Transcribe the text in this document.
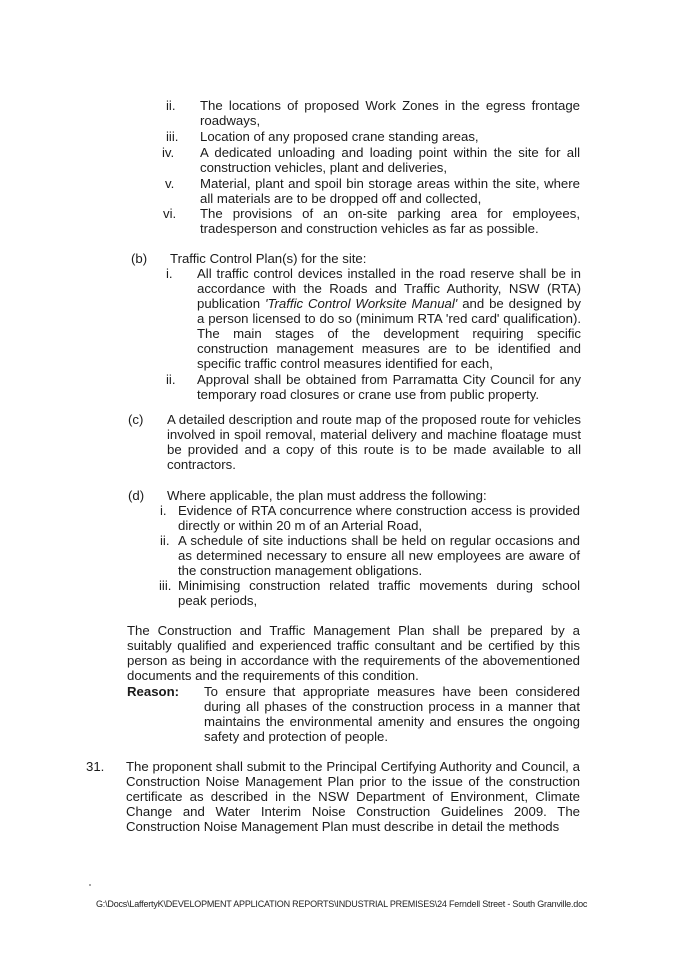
ii. The locations of proposed Work Zones in the egress frontage roadways,
iii. Location of any proposed crane standing areas,
iv. A dedicated unloading and loading point within the site for all construction vehicles, plant and deliveries,
v. Material, plant and spoil bin storage areas within the site, where all materials are to be dropped off and collected,
vi. The provisions of an on-site parking area for employees, tradesperson and construction vehicles as far as possible.
(b) Traffic Control Plan(s) for the site:
i. All traffic control devices installed in the road reserve shall be in accordance with the Roads and Traffic Authority, NSW (RTA) publication 'Traffic Control Worksite Manual' and be designed by a person licensed to do so (minimum RTA 'red card' qualification). The main stages of the development requiring specific construction management measures are to be identified and specific traffic control measures identified for each,
ii. Approval shall be obtained from Parramatta City Council for any temporary road closures or crane use from public property.
(c) A detailed description and route map of the proposed route for vehicles involved in spoil removal, material delivery and machine floatage must be provided and a copy of this route is to be made available to all contractors.
(d) Where applicable, the plan must address the following:
i. Evidence of RTA concurrence where construction access is provided directly or within 20 m of an Arterial Road,
ii. A schedule of site inductions shall be held on regular occasions and as determined necessary to ensure all new employees are aware of the construction management obligations.
iii. Minimising construction related traffic movements during school peak periods,
The Construction and Traffic Management Plan shall be prepared by a suitably qualified and experienced traffic consultant and be certified by this person as being in accordance with the requirements of the abovementioned documents and the requirements of this condition.
Reason: To ensure that appropriate measures have been considered during all phases of the construction process in a manner that maintains the environmental amenity and ensures the ongoing safety and protection of people.
31. The proponent shall submit to the Principal Certifying Authority and Council, a Construction Noise Management Plan prior to the issue of the construction certificate as described in the NSW Department of Environment, Climate Change and Water Interim Noise Construction Guidelines 2009. The Construction Noise Management Plan must describe in detail the methods
G:\Docs\LaffertyK\DEVELOPMENT APPLICATION REPORTS\INDUSTRIAL PREMISES\24 Ferndell Street - South Granville.doc
